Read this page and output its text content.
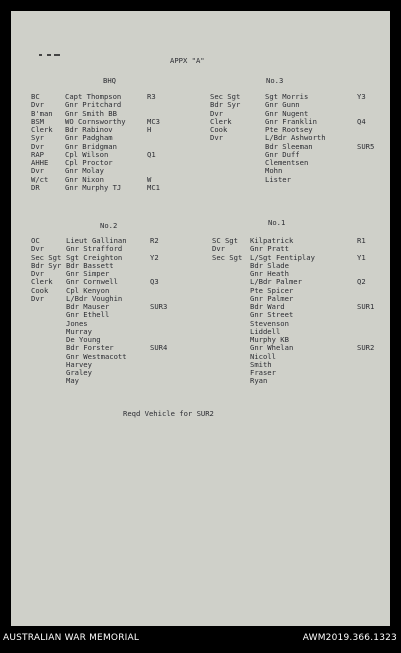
APPX "A"
BHQ
BC
Dvr
B'man
BSM
Clerk
Syr
Dvr
RAP
AHHE
Dvr
W/ct
DR
Capt Thompson
Gnr Pritchard
Gnr Smith BB
WO Cornsworthy
Bdr Rabinov
Gnr Padgham
Gnr Bridgman
Cpl Wilson
Cpl Proctor
Gnr Molay
Gnr Nixon
Gnr Murphy TJ
R3
MC3
H
Q1
W
MC1
No.3
Sec Sgt
Bdr Syr
Dvr
Clerk
Cook
Dvr
Sgt Morris
Gnr Gunn
Gnr Nugent
Gnr Franklin
Pte Rootsey
L/Bdr Ashworth
Bdr Sleeman
Gnr Duff
Clementsen
Mohn
Lister
Y3
Q4
SUR5
No.2
OC
Dvr
Sec Sgt
Bdr Syr
Dvr
Clerk
Cook
Dvr
Lieut Gallinan
Gnr Strafford
Sgt Creighton
Bdr Bassett
Gnr Simper
Gnr Cornwell
Cpl Kenyon
L/Bdr Voughin
Bdr Mauser
Gnr Ethell
Jones
Murray
De Young
Bdr Forster
Gnr Westmacott
Harvey
Graley
May
R2
Y2
Q3
SUR3
SUR4
No.1
SC Sgt
Dvr
Sec Sgt
Kilpatrick
Gnr Pratt
L/Sgt Fentiplay
Bdr Slade
Gnr Heath
L/Bdr Palmer
Pte Spicer
Gnr Palmer
Bdr Ward
Gnr Street
Stevenson
Liddell
Murphy KB
Gnr Whelan
Nicoll
Smith
Fraser
Ryan
R1
Y1
Q2
SUR1
SUR2
Reqd Vehicle for SUR2
AUSTRALIAN WAR MEMORIAL	AWM2019.366.1323
